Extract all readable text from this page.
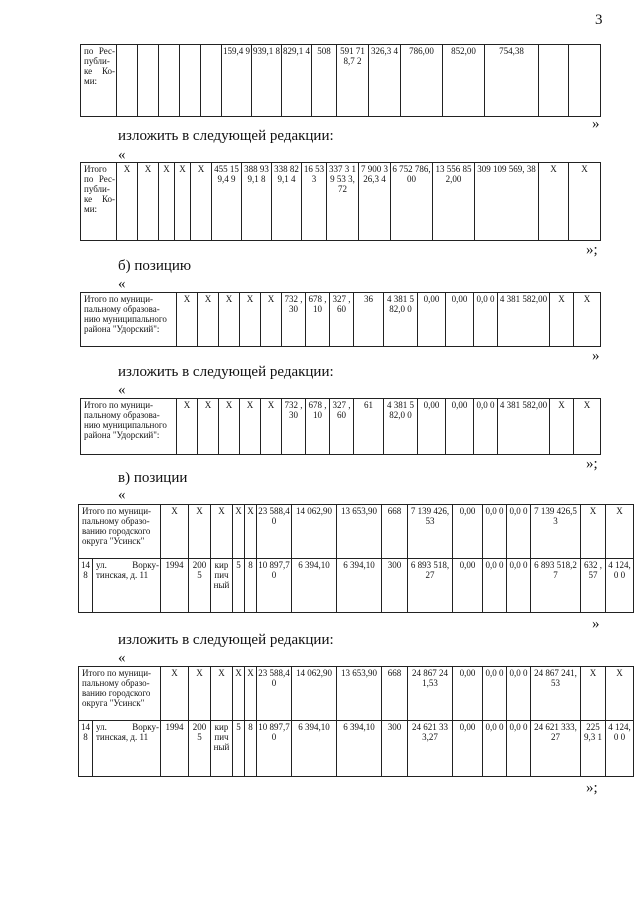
3
по Рес- публи- ке Ко- ми:						159,4 9	939,1 8	829,1 4	508	591 718,7 2	326,3 4	786,00	852,00	754,38		
»
изложить в следующей редакции:
«
Итого по Рес- публи- ке Ко- ми:	X	X	X	X	X	455 159,4 9	388 939,1 8	338 829,1 4	16 533	337 3 19 53 3,72	7 900 326,3 4	6 752 786,00	13 556 852,00	309 109 569, 38	X	X
»;
б) позицию
«
Итого по муници- пальному образова- нию муниципального района "Удорский":	X	X	X	X	X	732 ,30	678 ,10	327 ,60	36	4 381 582,0 0	0,00	0,00	0,0 0	4 381 582,00	X	X
»
изложить в следующей редакции:
«
Итого по муници- пальному образова- нию муниципального района "Удорский":	X	X	X	X	X	732 ,30	678 ,10	327 ,60	61	4 381 582,0 0	0,00	0,00	0,0 0	4 381 582,00	X	X
»;
в) позиции
«
Итого по муници- пальному образо- ванию городского округа "Усинск"		X	X	X	X	X	23 588,4 0	14 062,90	13 653,90	668	7 139 426,53	0,00	0,0 0	0,0 0	7 139 426,53	X	X
148	ул. Ворку- тинская, д. 11	1994	200 5	кир пич ный	5	8	10 897,7 0	6 394,10	6 394,10	300	6 893 518,27	0,00	0,0 0	0,0 0	6 893 518,27	632 ,57	4 124,0 0
»
изложить в следующей редакции:
«
Итого по муници- пальному образо- ванию городского округа "Усинск"		X	X	X	X	X	23 588,4 0	14 062,90	13 653,90	668	24 867 241,53	0,00	0,0 0	0,0 0	24 867 241,53	X	X
148	ул. Ворку- тинская, д. 11	1994	200 5	кир пич ный	5	8	10 897,7 0	6 394,10	6 394,10	300	24 621 33 3,27	0,00	0,0 0	0,0 0	24 621 333,27	225 9,3 1	4 124,0 0
»;
